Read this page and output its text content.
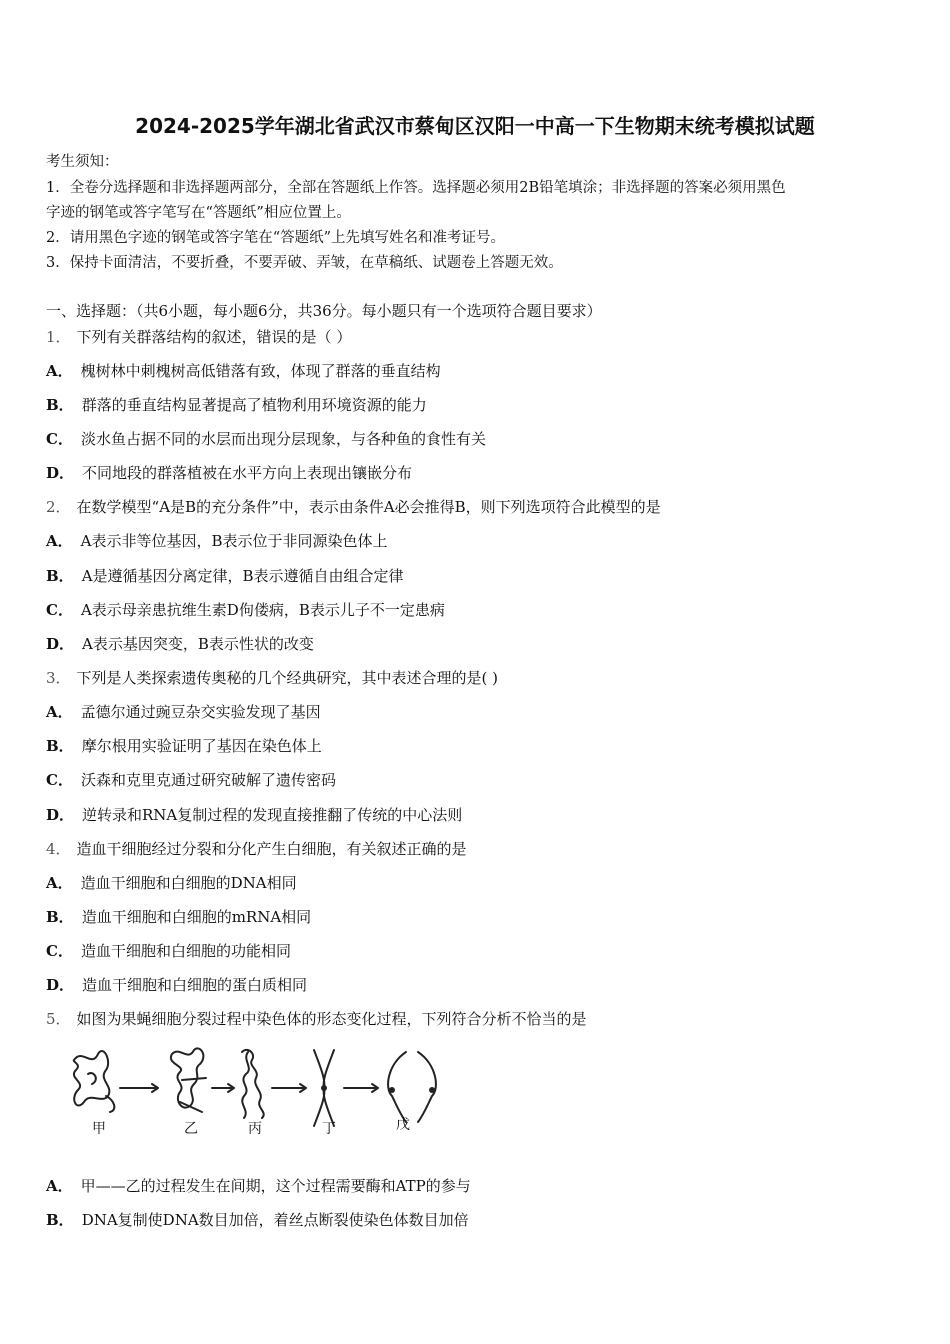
2024-2025学年湖北省武汉市蔡甸区汉阳一中高一下生物期末统考模拟试题
考生须知：
1．全卷分选择题和非选择题两部分，全部在答题纸上作答。选择题必须用2B铅笔填涂；非选择题的答案必须用黑色
字迹的钢笔或答字笔写在“答题纸”相应位置上。
2．请用黑色字迹的钢笔或答字笔在“答题纸”上先填写姓名和准考证号。
3．保持卡面清洁，不要折叠，不要弄破、弄皱，在草稿纸、试题卷上答题无效。
一、选择题：（共6小题，每小题6分，共36分。每小题只有一个选项符合题目要求）
1． 下列有关群落结构的叙述，错误的是（ ）
A． 槐树林中刺槐树高低错落有致，体现了群落的垂直结构
B． 群落的垂直结构显著提高了植物利用环境资源的能力
C． 淡水鱼占据不同的水层而出现分层现象，与各种鱼的食性有关
D． 不同地段的群落植被在水平方向上表现出镶嵌分布
2． 在数学模型“A是B的充分条件”中，表示由条件A必会推得B，则下列选项符合此模型的是
A． A表示非等位基因，B表示位于非同源染色体上
B． A是遵循基因分离定律，B表示遵循自由组合定律
C． A表示母亲患抗维生素D佝偻病，B表示儿子不一定患病
D． A表示基因突变，B表示性状的改变
3． 下列是人类探索遗传奥秘的几个经典研究，其中表述合理的是( )
A． 孟德尔通过豌豆杂交实验发现了基因
B． 摩尔根用实验证明了基因在染色体上
C． 沃森和克里克通过研究破解了遗传密码
D． 逆转录和RNA复制过程的发现直接推翻了传统的中心法则
4． 造血干细胞经过分裂和分化产生白细胞，有关叙述正确的是
A． 造血干细胞和白细胞的DNA相同
B． 造血干细胞和白细胞的mRNA相同
C． 造血干细胞和白细胞的功能相同
D． 造血干细胞和白细胞的蛋白质相同
5． 如图为果蝇细胞分裂过程中染色体的形态变化过程，下列符合分析不恰当的是
甲	乙	丙	丁	戊
A． 甲——乙的过程发生在间期，这个过程需要酶和ATP的参与
B． DNA复制使DNA数目加倍，着丝点断裂使染色体数目加倍
